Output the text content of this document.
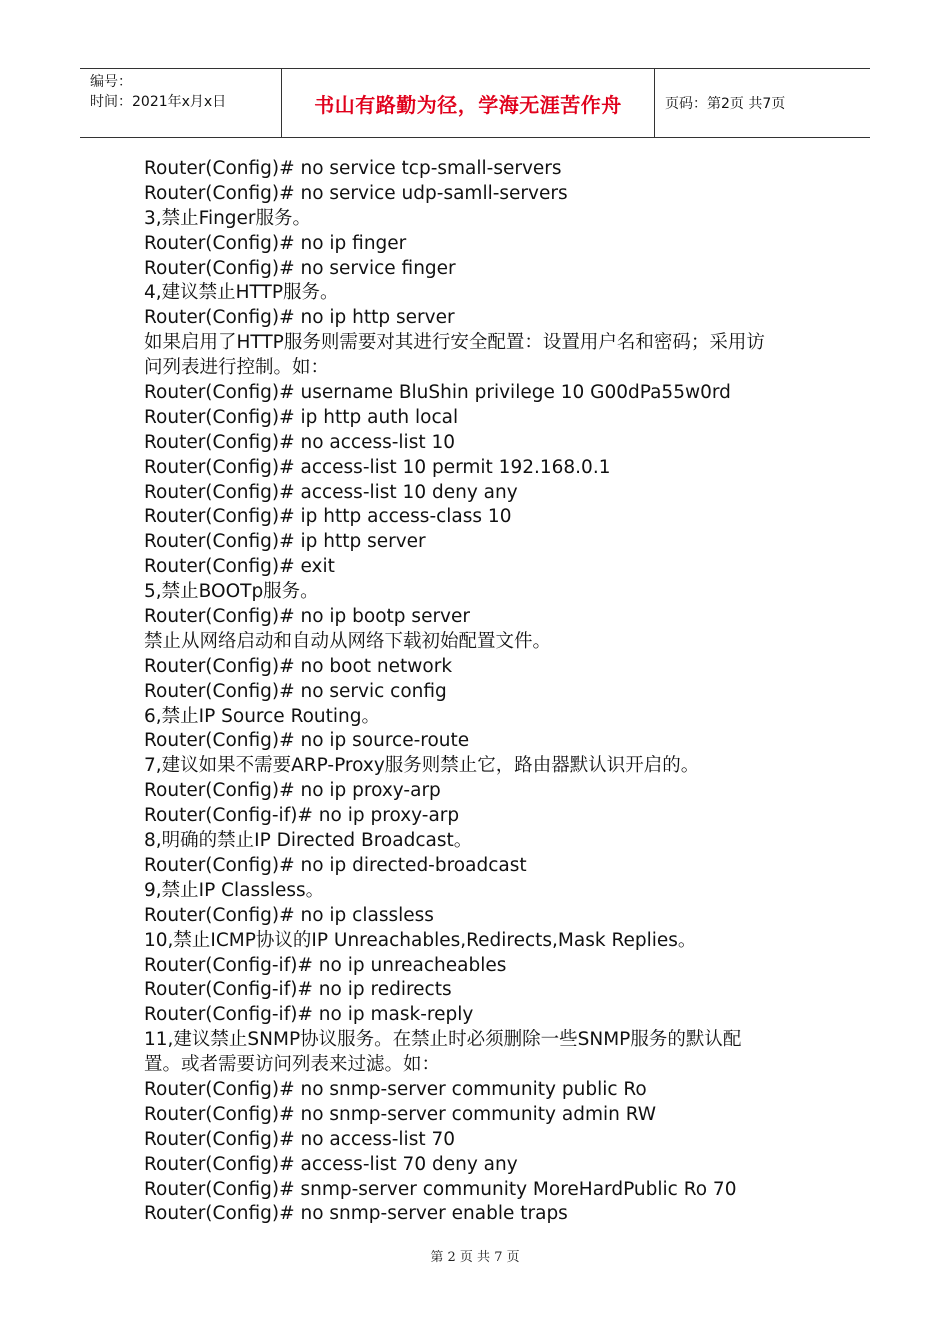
编号：
时间：2021年x月x日	书山有路勤为径，学海无涯苦作舟	页码：第2页 共7页
Router(Config)# no service tcp-small-servers
Router(Config)# no service udp-samll-servers
3,禁止Finger服务。
Router(Config)# no ip finger
Router(Config)# no service finger
4,建议禁止HTTP服务。
Router(Config)# no ip http server
如果启用了HTTP服务则需要对其进行安全配置：设置用户名和密码；采用访
问列表进行控制。如：
Router(Config)# username BluShin privilege 10 G00dPa55w0rd
Router(Config)# ip http auth local
Router(Config)# no access-list 10
Router(Config)# access-list 10 permit 192.168.0.1
Router(Config)# access-list 10 deny any
Router(Config)# ip http access-class 10
Router(Config)# ip http server
Router(Config)# exit
5,禁止BOOTp服务。
Router(Config)# no ip bootp server
禁止从网络启动和自动从网络下载初始配置文件。
Router(Config)# no boot network
Router(Config)# no servic config
6,禁止IP Source Routing。
Router(Config)# no ip source-route
7,建议如果不需要ARP-Proxy服务则禁止它，路由器默认识开启的。
Router(Config)# no ip proxy-arp
Router(Config-if)# no ip proxy-arp
8,明确的禁止IP Directed Broadcast。
Router(Config)# no ip directed-broadcast
9,禁止IP Classless。
Router(Config)# no ip classless
10,禁止ICMP协议的IP Unreachables,Redirects,Mask Replies。
Router(Config-if)# no ip unreacheables
Router(Config-if)# no ip redirects
Router(Config-if)# no ip mask-reply
11,建议禁止SNMP协议服务。在禁止时必须删除一些SNMP服务的默认配
置。或者需要访问列表来过滤。如：
Router(Config)# no snmp-server community public Ro
Router(Config)# no snmp-server community admin RW
Router(Config)# no access-list 70
Router(Config)# access-list 70 deny any
Router(Config)# snmp-server community MoreHardPublic Ro 70
Router(Config)# no snmp-server enable traps
第 2 页 共 7 页
